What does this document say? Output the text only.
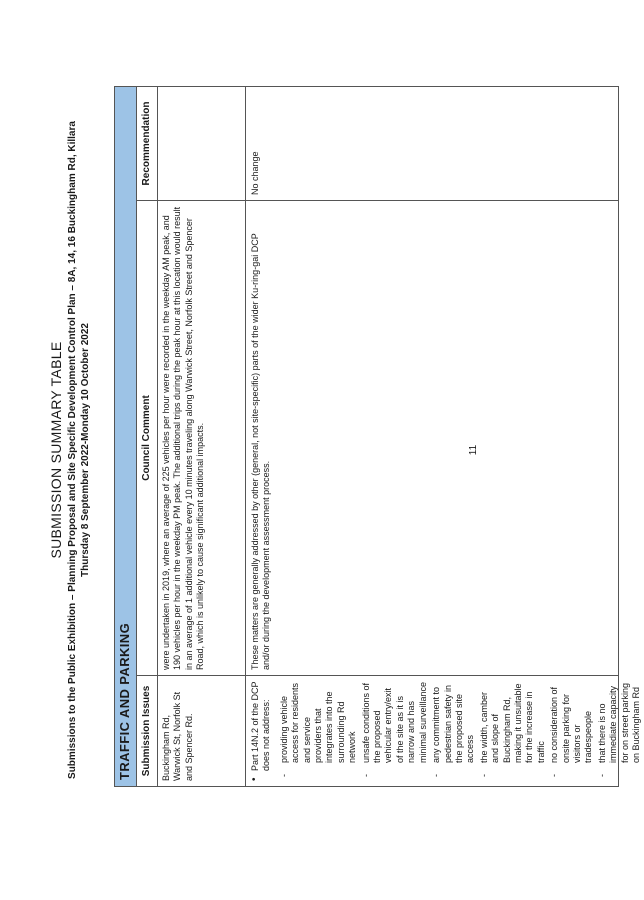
SUBMISSION SUMMARY TABLE Submissions to the Public Exhibition – Planning Proposal and Site Specific Development Control Plan – 8A, 14, 16 Buckingham Rd, Killara Thursday 8 September 2022-Monday 10 October 2022
TRAFFIC AND PARKING Submission Issues
Council Comment
Recommendation
Buckingham Rd, Warwick St, Norfolk St and Spencer Rd.
were undertaken in 2019, where an average of 225 vehicles per hour were recorded in the weekday AM peak, and 190 vehicles per hour in the weekday PM peak. The additional trips during the peak hour at this location would result in an average of 1 additional vehicle every 10 minutes traveling along Warwick Street, Norfolk Street and Spencer Road, which is unlikely to cause significant additional impacts.
• Part 14N.2 of the DCP does not address: - providing vehicle access for residents and service providers that integrates into the surrounding Rd network - unsafe conditions of the proposed vehicular entry/exit of the site as it is narrow and has minimal surveillance - any commitment to pedestrian safety in the proposed site access - the width, camber and slope of Buckingham Rd, making it unsuitable for the increase in traffic - no consideration of onsite parking for visitors or tradespeople - that there is no immediate capacity for on street parking on Buckingham Rd
These matters are generally addressed by other (general, not site-specific) parts of the wider Ku-ring-gai DCP and/or during the development assessment process.
No change
11
